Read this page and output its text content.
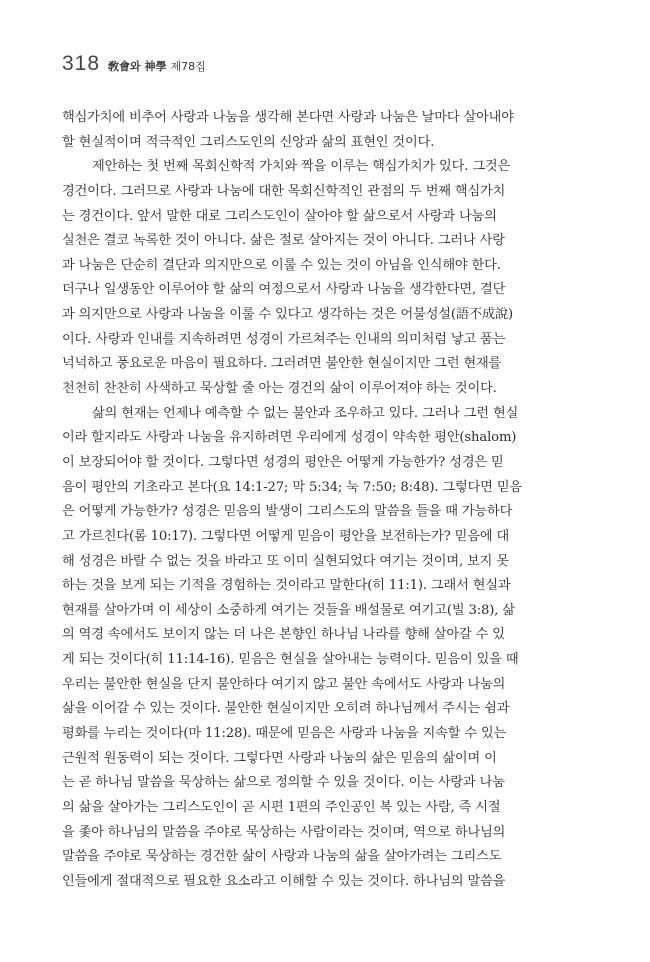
318 敎會와 神學 제78집
핵심가치에 비추어 사랑과 나눔을 생각해 본다면 사랑과 나눔은 날마다 살아내야
할 현실적이며 적극적인 그리스도인의 신앙과 삶의 표현인 것이다.
제안하는 첫 번째 목회신학적 가치와 짝을 이루는 핵심가치가 있다. 그것은
경건이다. 그러므로 사랑과 나눔에 대한 목회신학적인 관점의 두 번째 핵심가치
는 경건이다. 앞서 말한 대로 그리스도인이 살아야 할 삶으로서 사랑과 나눔의
실천은 결코 녹록한 것이 아니다. 삶은 절로 살아지는 것이 아니다. 그러나 사랑
과 나눔은 단순히 결단과 의지만으로 이룰 수 있는 것이 아님을 인식해야 한다.
더구나 일생동안 이루어야 할 삶의 여정으로서 사랑과 나눔을 생각한다면, 결단
과 의지만으로 사랑과 나눔을 이룰 수 있다고 생각하는 것은 어불성설(語不成說)
이다. 사랑과 인내를 지속하려면 성경이 가르쳐주는 인내의 의미처럼 낳고 품는
넉넉하고 풍요로운 마음이 필요하다. 그러려면 불안한 현실이지만 그런 현재를
천천히 찬찬히 사색하고 묵상할 줄 아는 경건의 삶이 이루어져야 하는 것이다.
삶의 현재는 언제나 예측할 수 없는 불안과 조우하고 있다. 그러나 그런 현실
이라 할지라도 사랑과 나눔을 유지하려면 우리에게 성경이 약속한 평안(shalom)
이 보장되어야 할 것이다. 그렇다면 성경의 평안은 어떻게 가능한가? 성경은 믿
음이 평안의 기초라고 본다(요 14:1-27; 막 5:34; 눅 7:50; 8:48). 그렇다면 믿음
은 어떻게 가능한가? 성경은 믿음의 발생이 그리스도의 말씀을 들을 때 가능하다
고 가르친다(롬 10:17). 그렇다면 어떻게 믿음이 평안을 보전하는가? 믿음에 대
해 성경은 바랄 수 없는 것을 바라고 또 이미 실현되었다 여기는 것이며, 보지 못
하는 것을 보게 되는 기적을 경험하는 것이라고 말한다(히 11:1). 그래서 현실과
현재를 살아가며 이 세상이 소중하게 여기는 것들을 배설물로 여기고(빌 3:8), 삶
의 역경 속에서도 보이지 않는 더 나은 본향인 하나님 나라를 향해 살아갈 수 있
게 되는 것이다(히 11:14-16). 믿음은 현실을 살아내는 능력이다. 믿음이 있을 때
우리는 불안한 현실을 단지 불안하다 여기지 않고 불안 속에서도 사랑과 나눔의
삶을 이어갈 수 있는 것이다. 불안한 현실이지만 오히려 하나님께서 주시는 쉼과
평화를 누리는 것이다(마 11:28). 때문에 믿음은 사랑과 나눔을 지속할 수 있는
근원적 원동력이 되는 것이다. 그렇다면 사랑과 나눔의 삶은 믿음의 삶이며 이
는 곧 하나님 말씀을 묵상하는 삶으로 정의할 수 있을 것이다. 이는 사랑과 나눔
의 삶을 살아가는 그리스도인이 곧 시편 1편의 주인공인 복 있는 사람, 즉 시절
을 좇아 하나님의 말씀을 주야로 묵상하는 사람이라는 것이며, 역으로 하나님의
말씀을 주야로 묵상하는 경건한 삶이 사랑과 나눔의 삶을 살아가려는 그리스도
인들에게 절대적으로 필요한 요소라고 이해할 수 있는 것이다. 하나님의 말씀을
